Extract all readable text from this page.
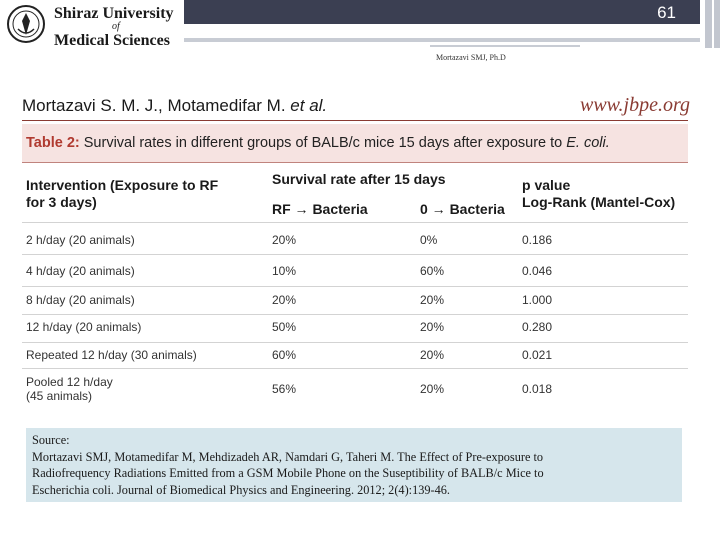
Shiraz University
of
Medical Sciences
61
Mortazavi SMJ, Ph.D
Mortazavi S. M. J., Motamedifar M. et al.	www.jbpe.org
Table 2: Survival rates in different groups of BALB/c mice 15 days after exposure to E. coli.
Intervention (Exposure to RF
for 3 days)
Survival rate after 15 days
RF → Bacteria	0 → Bacteria
p value
Log-Rank (Mantel-Cox)
2 h/day (20 animals)	20%	0%	0.186
4 h/day (20 animals)	10%	60%	0.046
8 h/day (20 animals)	20%	20%	1.000
12 h/day (20 animals)	50%	20%	0.280
Repeated 12 h/day (30 animals)	60%	20%	0.021
Pooled 12 h/day
(45 animals)	56%	20%	0.018
Source:
Mortazavi SMJ, Motamedifar M, Mehdizadeh AR, Namdari G, Taheri M. The Effect of Pre-exposure to
Radiofrequency Radiations Emitted from a GSM Mobile Phone on the Suseptibility of BALB/c Mice to
Escherichia coli. Journal of Biomedical Physics and Engineering. 2012; 2(4):139-46.
